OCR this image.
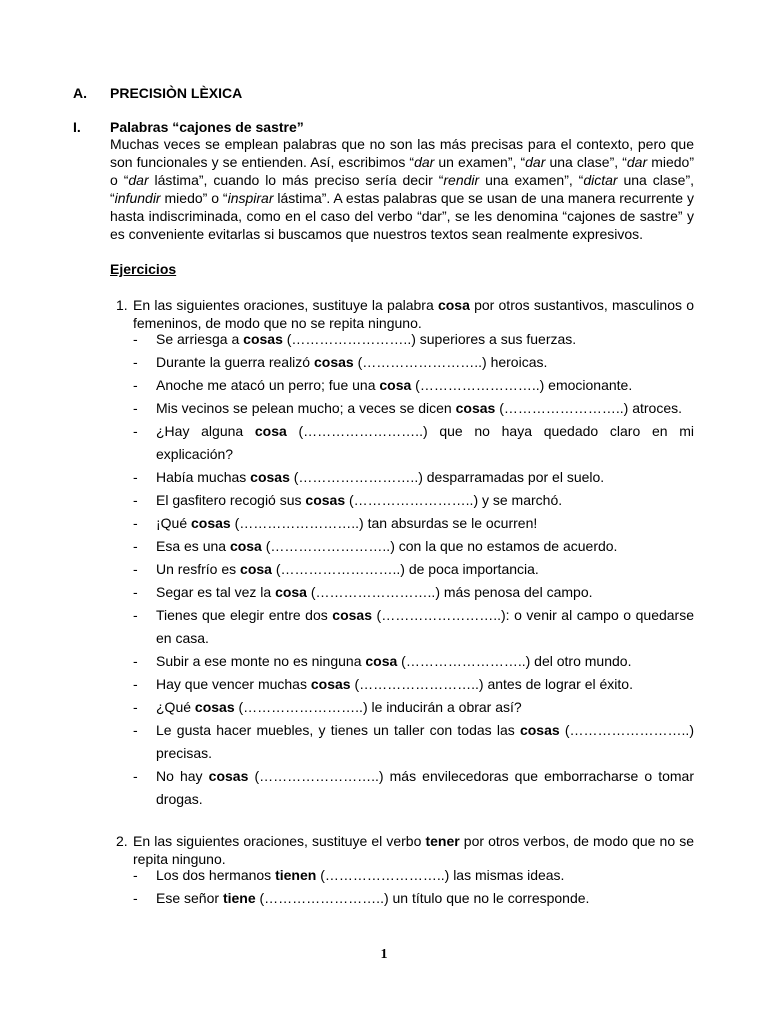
A. PRECISIÒN LÈXICA
I. Palabras “cajones de sastre”
Muchas veces se emplean palabras que no son las más precisas para el contexto, pero que son funcionales y se entienden. Así, escribimos “dar un examen”, “dar una clase”, “dar miedo” o “dar lástima”, cuando lo más preciso sería decir “rendir una examen”, “dictar una clase”, “infundir miedo” o “inspirar lástima”. A estas palabras que se usan de una manera recurrente y hasta indiscriminada, como en el caso del verbo “dar”, se les denomina “cajones de sastre” y es conveniente evitarlas si buscamos que nuestros textos sean realmente expresivos.
Ejercicios
1. En las siguientes oraciones, sustituye la palabra cosa por otros sustantivos, masculinos o femeninos, de modo que no se repita ninguno.
- Se arriesga a cosas (……………………..) superiores a sus fuerzas.
- Durante la guerra realizó cosas (……………………..) heroicas.
- Anoche me atacó un perro; fue una cosa (……………………..) emocionante.
- Mis vecinos se pelean mucho; a veces se dicen cosas (……………………..) atroces.
- ¿Hay alguna cosa (……………………..) que no haya quedado claro en mi explicación?
- Había muchas cosas (……………………..) desparramadas por el suelo.
- El gasfitero recogió sus cosas (……………………..) y se marchó.
- ¡Qué cosas (……………………..) tan absurdas se le ocurren!
- Esa es una cosa (……………………..) con la que no estamos de acuerdo.
- Un resfrío es cosa (……………………..) de poca importancia.
- Segar es tal vez la cosa (……………………..) más penosa del campo.
- Tienes que elegir entre dos cosas (……………………..): o venir al campo o quedarse en casa.
- Subir a ese monte no es ninguna cosa (……………………..) del otro mundo.
- Hay que vencer muchas cosas (……………………..) antes de lograr el éxito.
- ¿Qué cosas (……………………..) le inducirán a obrar así?
- Le gusta hacer muebles, y tienes un taller con todas las cosas (……………………..) precisas.
- No hay cosas (……………………..) más envilecedoras que emborracharse o tomar drogas.
2. En las siguientes oraciones, sustituye el verbo tener por otros verbos, de modo que no se repita ninguno.
- Los dos hermanos tienen (……………………..) las mismas ideas.
- Ese señor tiene (……………………..) un título que no le corresponde.
1
